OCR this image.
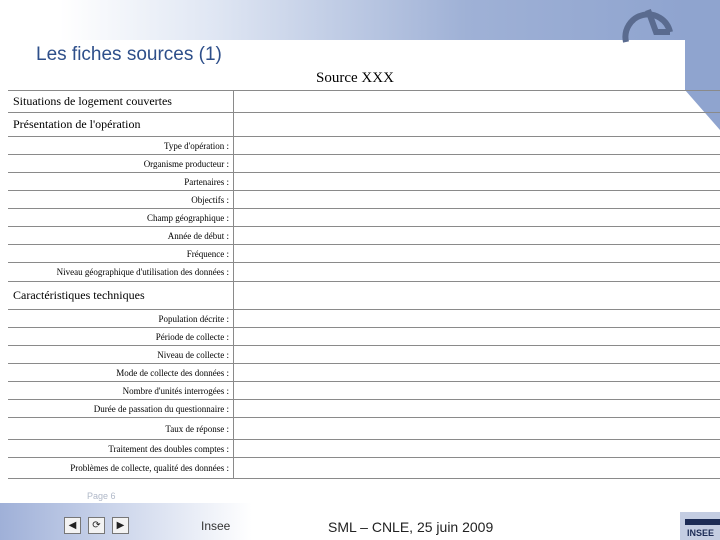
Les fiches sources (1)
Source XXX
Situations de logement couvertes
Présentation de l'opération
Type d'opération :
Organisme producteur :
Partenaires :
Objectifs :
Champ géographique :
Année de début :
Fréquence :
Niveau géographique d'utilisation des données :
Caractéristiques techniques
Population décrite :
Période de collecte :
Niveau de collecte :
Mode de collecte des données :
Nombre d'unités interrogées :
Durée de passation du questionnaire :
Taux de réponse :
Traitement des doubles comptes :
Problèmes de collecte, qualité des données :
Page 6
◀ ⟳ ▶	Insee	SML – CNLE, 25 juin 2009	INSEE
